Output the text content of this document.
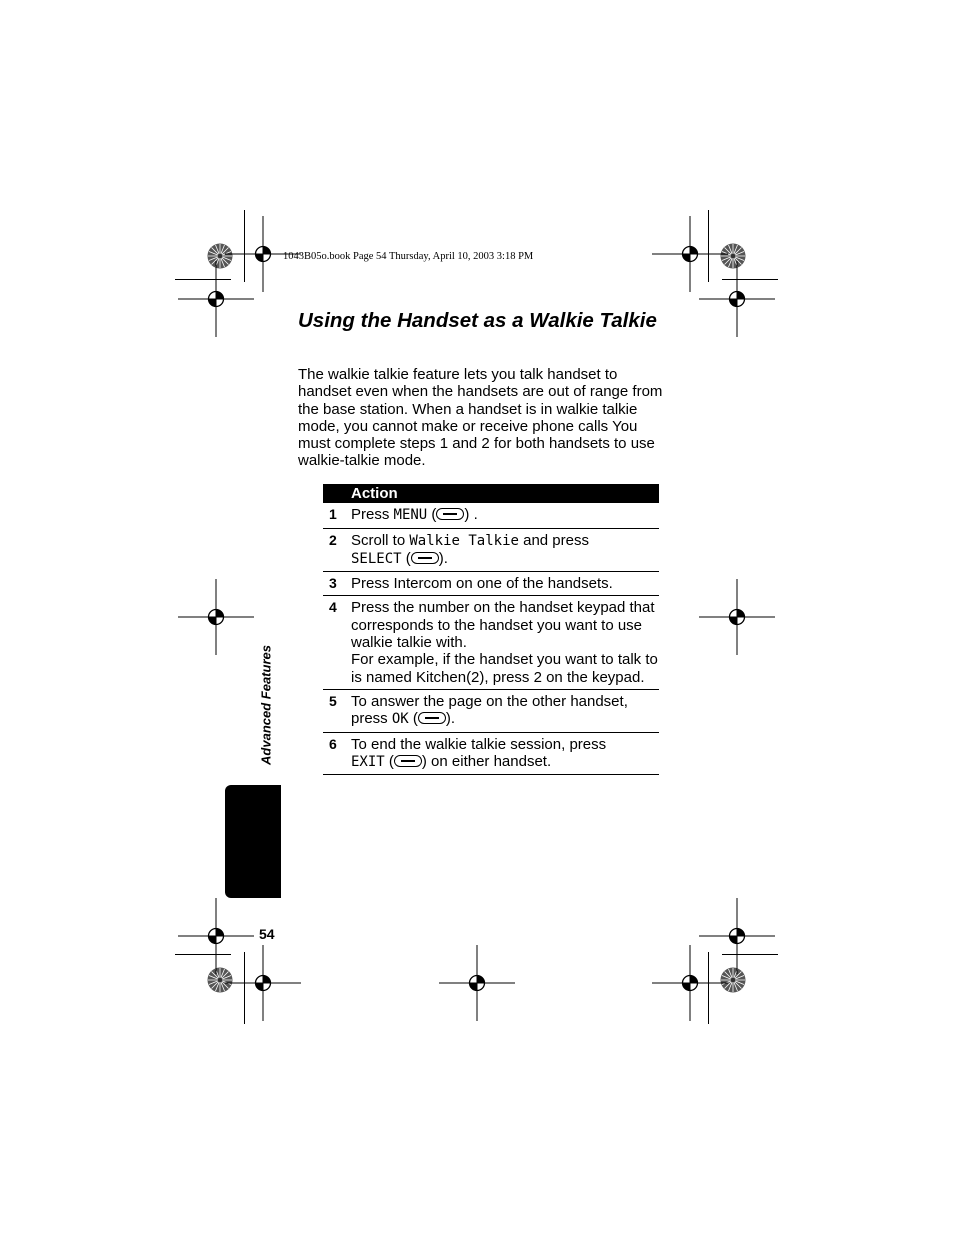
1043B05o.book Page 54 Thursday, April 10, 2003 3:18 PM
Using the Handset as a Walkie Talkie

The walkie talkie feature lets you talk handset to handset even when the handsets are out of range from the base station. When a handset is in walkie talkie mode, you cannot make or receive phone calls You must complete steps 1 and 2 for both handsets to use walkie-talkie mode.

	Action
1	Press MENU ( ) .
2	Scroll to Walkie Talkie and press
SELECT ( ).
3	Press Intercom on one of the handsets.
4	Press the number on the handset keypad that corresponds to the handset you want to use walkie talkie with.
For example, if the handset you want to talk to is named Kitchen(2), press 2 on the keypad.
5	To answer the page on the other handset, press OK ( ).
6	To end the walkie talkie session, press
EXIT ( ) on either handset.
Advanced Features
54
